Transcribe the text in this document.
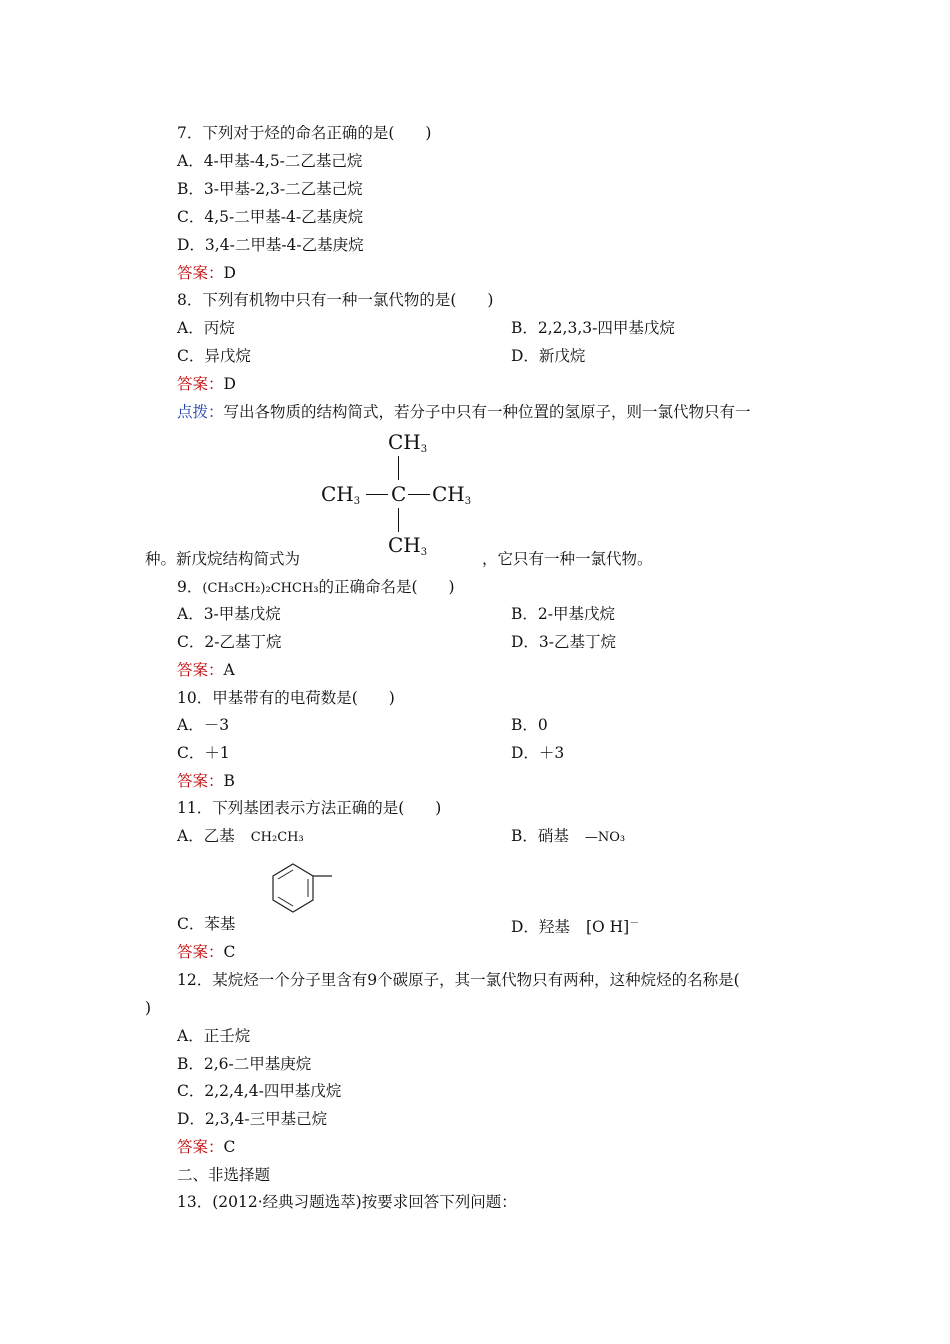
7．下列对于烃的命名正确的是(　　)
A．4-甲基-4,5-二乙基己烷
B．3-甲基-2,3-二乙基己烷
C．4,5-二甲基-4-乙基庚烷
D．3,4-二甲基-4-乙基庚烷
答案：D
8．下列有机物中只有一种一氯代物的是(　　)
A．丙烷	B．2,2,3,3-四甲基戊烷
C．异戊烷	D．新戊烷
答案：D
点拨：写出各物质的结构简式，若分子中只有一种位置的氢原子，则一氯代物只有一
$CH_3$
$CH_3$ C $CH_3$
$CH_3$
种。新戊烷结构简式为	，它只有一种一氯代物。
9．(CH₃CH₂)₂CHCH₃的正确命名是(　　)
A．3-甲基戊烷	B．2-甲基戊烷
C．2-乙基丁烷	D．3-乙基丁烷
答案：A
10．甲基带有的电荷数是(　　)
A．－3	B．0
C．＋1	D．＋3
答案：B
11．下列基团表示方法正确的是(　　)
A．乙基 CH₂CH₃	B．硝基 —NO₃
C．苯基	D．羟基 [O H]－
答案：C
12．某烷烃一个分子里含有9个碳原子，其一氯代物只有两种，这种烷烃的名称是(
)
A．正壬烷
B．2,6-二甲基庚烷
C．2,2,4,4-四甲基戊烷
D．2,3,4-三甲基己烷
答案：C
二、非选择题
13．(2012·经典习题选萃)按要求回答下列问题：
